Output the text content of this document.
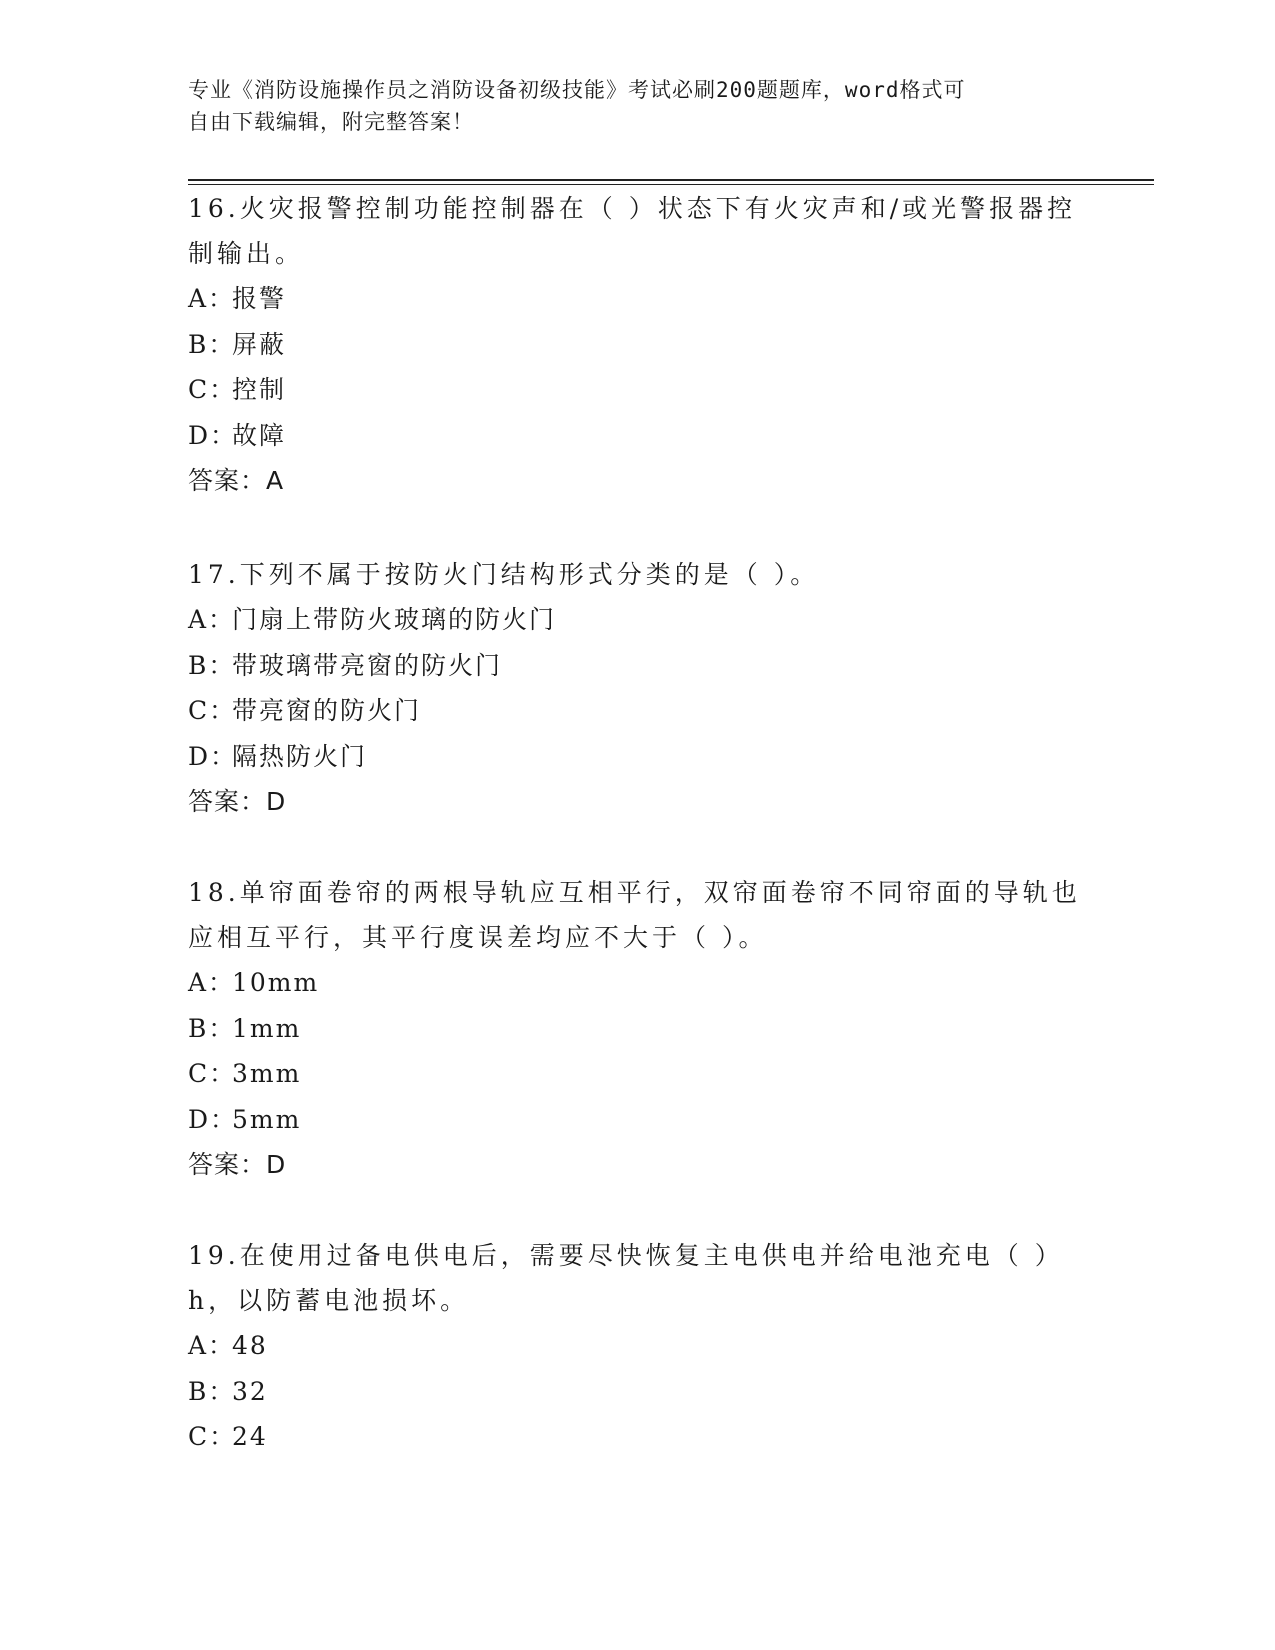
专业《消防设施操作员之消防设备初级技能》考试必刷200题题库，word格式可
自由下载编辑，附完整答案！

16.火灾报警控制功能控制器在（ ）状态下有火灾声和/或光警报器控制输出。

A：报警
B：屏蔽
C：控制
D：故障
答案：A

17.下列不属于按防火门结构形式分类的是（ ）。

A：门扇上带防火玻璃的防火门
B：带玻璃带亮窗的防火门
C：带亮窗的防火门
D：隔热防火门
答案：D

18.单帘面卷帘的两根导轨应互相平行，双帘面卷帘不同帘面的导轨也应相互平行，其平行度误差均应不大于（ ）。

A：10mm
B：1mm
C：3mm
D：5mm
答案：D

19.在使用过备电供电后，需要尽快恢复主电供电并给电池充电（ ）h，以防蓄电池损坏。

A：48
B：32
C：24
